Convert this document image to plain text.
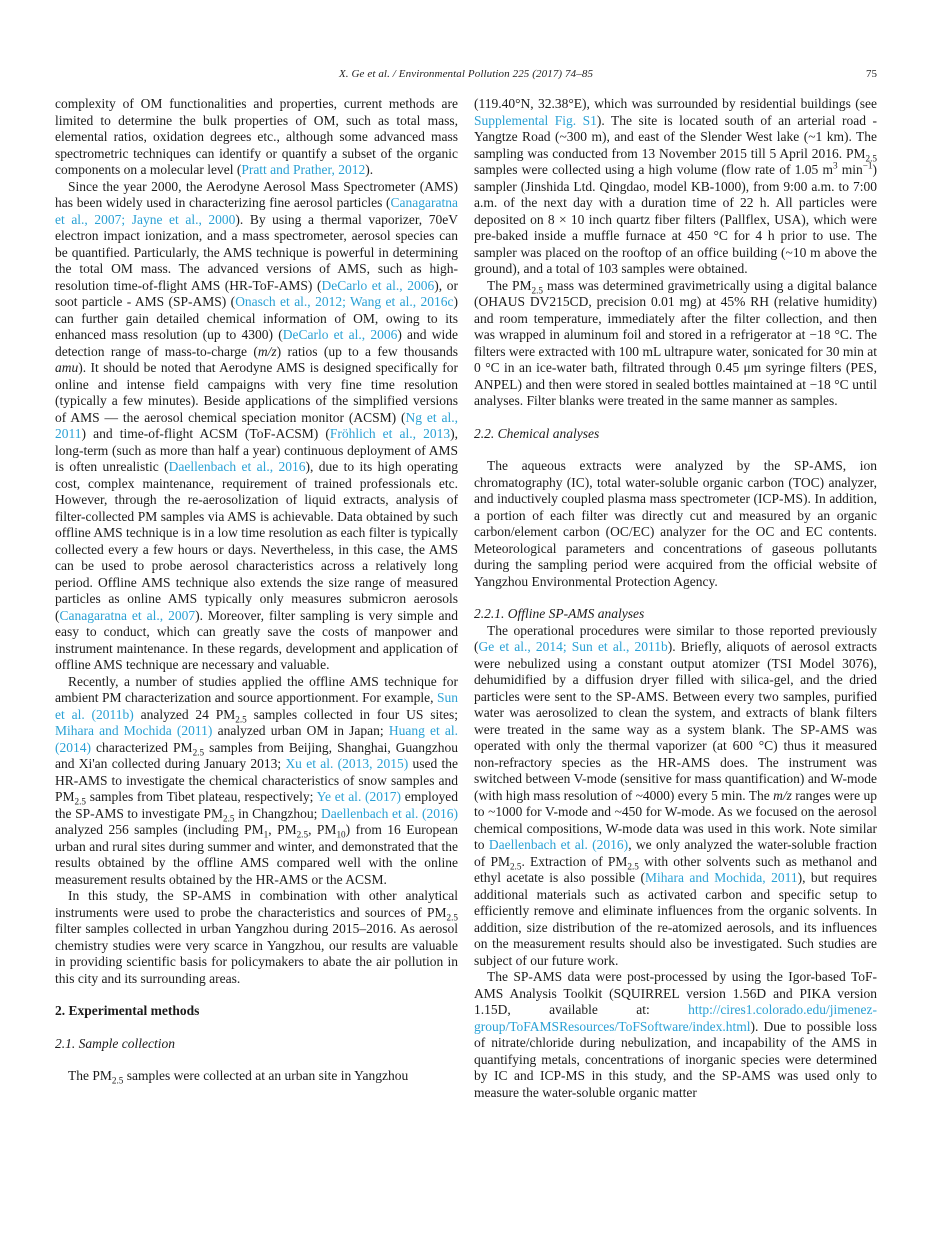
X. Ge et al. / Environmental Pollution 225 (2017) 74–85	75
complexity of OM functionalities and properties, current methods are limited to determine the bulk properties of OM, such as total mass, elemental ratios, oxidation degrees etc., although some advanced mass spectrometric techniques can identify or quantify a subset of the organic components on a molecular level (Pratt and Prather, 2012).
Since the year 2000, the Aerodyne Aerosol Mass Spectrometer (AMS) has been widely used in characterizing fine aerosol particles (Canagaratna et al., 2007; Jayne et al., 2000). By using a thermal vaporizer, 70eV electron impact ionization, and a mass spectrometer, aerosol species can be quantified. Particularly, the AMS technique is powerful in determining the total OM mass. The advanced versions of AMS, such as high-resolution time-of-flight AMS (HR-ToF-AMS) (DeCarlo et al., 2006), or soot particle - AMS (SP-AMS) (Onasch et al., 2012; Wang et al., 2016c) can further gain detailed chemical information of OM, owing to its enhanced mass resolution (up to 4300) (DeCarlo et al., 2006) and wide detection range of mass-to-charge (m/z) ratios (up to a few thousands amu). It should be noted that Aerodyne AMS is designed specifically for online and intense field campaigns with very fine time resolution (typically a few minutes). Beside applications of the simplified versions of AMS — the aerosol chemical speciation monitor (ACSM) (Ng et al., 2011) and time-of-flight ACSM (ToF-ACSM) (Fröhlich et al., 2013), long-term (such as more than half a year) continuous deployment of AMS is often unrealistic (Daellenbach et al., 2016), due to its high operating cost, complex maintenance, requirement of trained professionals etc. However, through the re-aerosolization of liquid extracts, analysis of filter-collected PM samples via AMS is achievable. Data obtained by such offline AMS technique is in a low time resolution as each filter is typically collected every a few hours or days. Nevertheless, in this case, the AMS can be used to probe aerosol characteristics across a relatively long period. Offline AMS technique also extends the size range of measured particles as online AMS typically only measures submicron aerosols (Canagaratna et al., 2007). Moreover, filter sampling is very simple and easy to conduct, which can greatly save the costs of manpower and instrument maintenance. In these regards, development and application of offline AMS technique are necessary and valuable.
Recently, a number of studies applied the offline AMS technique for ambient PM characterization and source apportionment. For example, Sun et al. (2011b) analyzed 24 $PM_{2.5}$ samples collected in four US sites; Mihara and Mochida (2011) analyzed urban OM in Japan; Huang et al. (2014) characterized $PM_{2.5}$ samples from Beijing, Shanghai, Guangzhou and Xi'an collected during January 2013; Xu et al. (2013, 2015) used the HR-AMS to investigate the chemical characteristics of snow samples and $PM_{2.5}$ samples from Tibet plateau, respectively; Ye et al. (2017) employed the SP-AMS to investigate $PM_{2.5}$ in Changzhou; Daellenbach et al. (2016) analyzed 256 samples (including $PM_1$, $PM_{2.5}$, $PM_{10}$) from 16 European urban and rural sites during summer and winter, and demonstrated that the results obtained by the offline AMS compared well with the online measurement results obtained by the HR-AMS or the ACSM.
In this study, the SP-AMS in combination with other analytical instruments were used to probe the characteristics and sources of $PM_{2.5}$ filter samples collected in urban Yangzhou during 2015–2016. As aerosol chemistry studies were very scarce in Yangzhou, our results are valuable in providing scientific basis for policymakers to abate the air pollution in this city and its surrounding areas.
2. Experimental methods
2.1. Sample collection
The $PM_{2.5}$ samples were collected at an urban site in Yangzhou
(119.40°N, 32.38°E), which was surrounded by residential buildings (see Supplemental Fig. S1). The site is located south of an arterial road - Yangtze Road (~300 m), and east of the Slender West lake (~1 km). The sampling was conducted from 13 November 2015 till 5 April 2016. $PM_{2.5}$ samples were collected using a high volume (flow rate of 1.05 $m^3$ $\min^{-1}$) sampler (Jinshida Ltd. Qingdao, model KB-1000), from 9:00 a.m. to 7:00 a.m. of the next day with a duration time of 22 h. All particles were deposited on 8 × 10 inch quartz fiber filters (Pallflex, USA), which were pre-baked inside a muffle furnace at 450 °C for 4 h prior to use. The sampler was placed on the rooftop of an office building (~10 m above the ground), and a total of 103 samples were obtained.
The $PM_{2.5}$ mass was determined gravimetrically using a digital balance (OHAUS DV215CD, precision 0.01 mg) at 45% RH (relative humidity) and room temperature, immediately after the filter collection, and then was wrapped in aluminum foil and stored in a refrigerator at −18 °C. The filters were extracted with 100 mL ultrapure water, sonicated for 30 min at 0 °C in an ice-water bath, filtrated through 0.45 μm syringe filters (PES, ANPEL) and then were stored in sealed bottles maintained at −18 °C until analyses. Filter blanks were treated in the same manner as samples.
2.2. Chemical analyses
The aqueous extracts were analyzed by the SP-AMS, ion chromatography (IC), total water-soluble organic carbon (TOC) analyzer, and inductively coupled plasma mass spectrometer (ICP-MS). In addition, a portion of each filter was directly cut and measured by an organic carbon/element carbon (OC/EC) analyzer for the OC and EC contents. Meteorological parameters and concentrations of gaseous pollutants during the sampling period were acquired from the official website of Yangzhou Environmental Protection Agency.
2.2.1. Offline SP-AMS analyses
The operational procedures were similar to those reported previously (Ge et al., 2014; Sun et al., 2011b). Briefly, aliquots of aerosol extracts were nebulized using a constant output atomizer (TSI Model 3076), dehumidified by a diffusion dryer filled with silica-gel, and the dried particles were sent to the SP-AMS. Between every two samples, purified water was aerosolized to clean the system, and extracts of blank filters were treated in the same way as a system blank. The SP-AMS was operated with only the thermal vaporizer (at 600 °C) thus it measured non-refractory species as the HR-AMS does. The instrument was switched between V-mode (sensitive for mass quantification) and W-mode (with high mass resolution of ~4000) every 5 min. The m/z ranges were up to ~1000 for V-mode and ~450 for W-mode. As we focused on the aerosol chemical compositions, W-mode data was used in this work. Note similar to Daellenbach et al. (2016), we only analyzed the water-soluble fraction of $PM_{2.5}$. Extraction of $PM_{2.5}$ with other solvents such as methanol and ethyl acetate is also possible (Mihara and Mochida, 2011), but requires additional materials such as activated carbon and specific setup to efficiently remove and eliminate influences from the organic solvents. In addition, size distribution of the re-atomized aerosols, and its influences on the measurement results should also be investigated. Such studies are subject of our future work.
The SP-AMS data were post-processed by using the Igor-based ToF-AMS Analysis Toolkit (SQUIRREL version 1.56D and PIKA version 1.15D, available at: http://cires1.colorado.edu/jimenez-group/ToFAMSResources/ToFSoftware/index.html). Due to possible loss of nitrate/chloride during nebulization, and incapability of the AMS in quantifying metals, concentrations of inorganic species were determined by IC and ICP-MS in this study, and the SP-AMS was used only to measure the water-soluble organic matter
